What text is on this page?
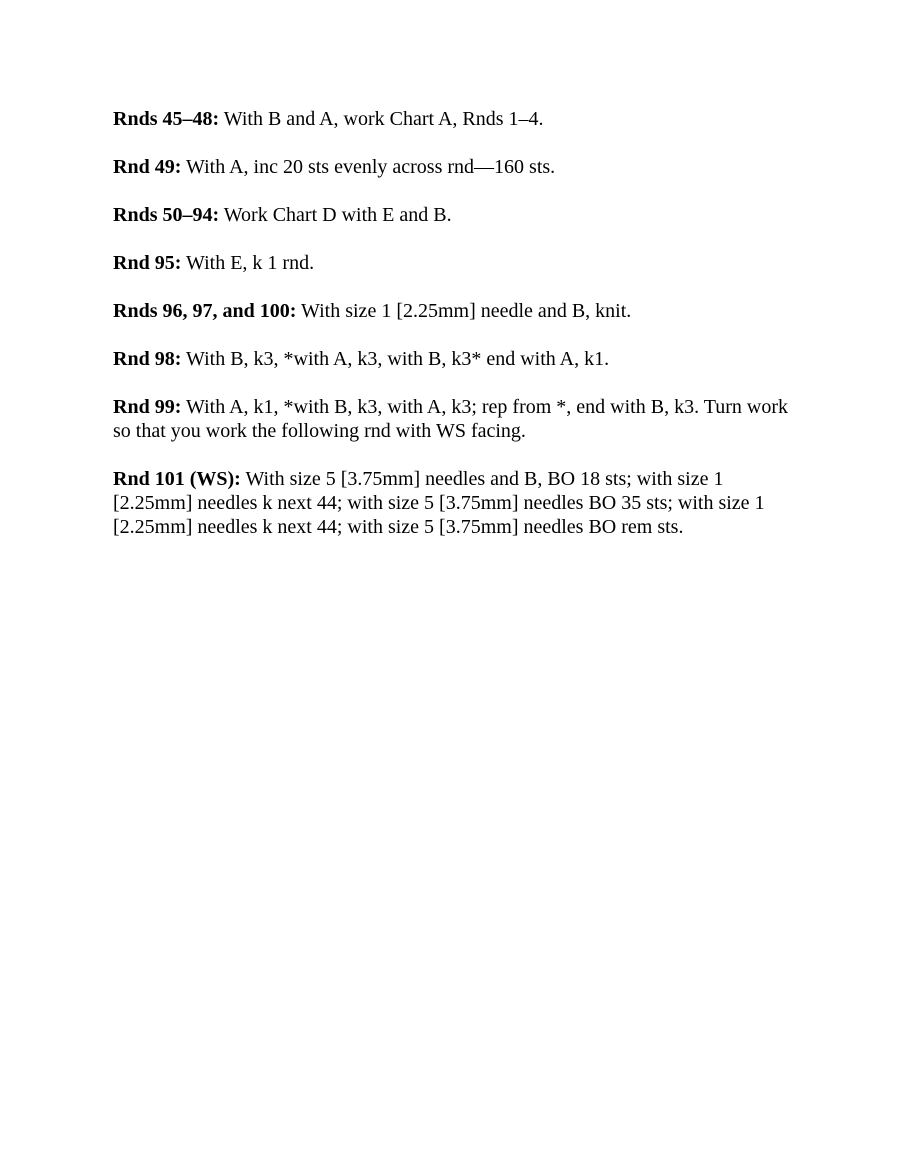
Rnds 45–48: With B and A, work Chart A, Rnds 1–4.

Rnd 49: With A, inc 20 sts evenly across rnd—160 sts.

Rnds 50–94: Work Chart D with E and B.

Rnd 95: With E, k 1 rnd.

Rnds 96, 97, and 100: With size 1 [2.25mm] needle and B, knit.

Rnd 98: With B, k3, *with A, k3, with B, k3* end with A, k1.

Rnd 99: With A, k1, *with B, k3, with A, k3; rep from *, end with B, k3. Turn work so that you work the following rnd with WS facing.

Rnd 101 (WS): With size 5 [3.75mm] needles and B, BO 18 sts; with size 1 [2.25mm] needles k next 44; with size 5 [3.75mm] needles BO 35 sts; with size 1 [2.25mm] needles k next 44; with size 5 [3.75mm] needles BO rem sts.
